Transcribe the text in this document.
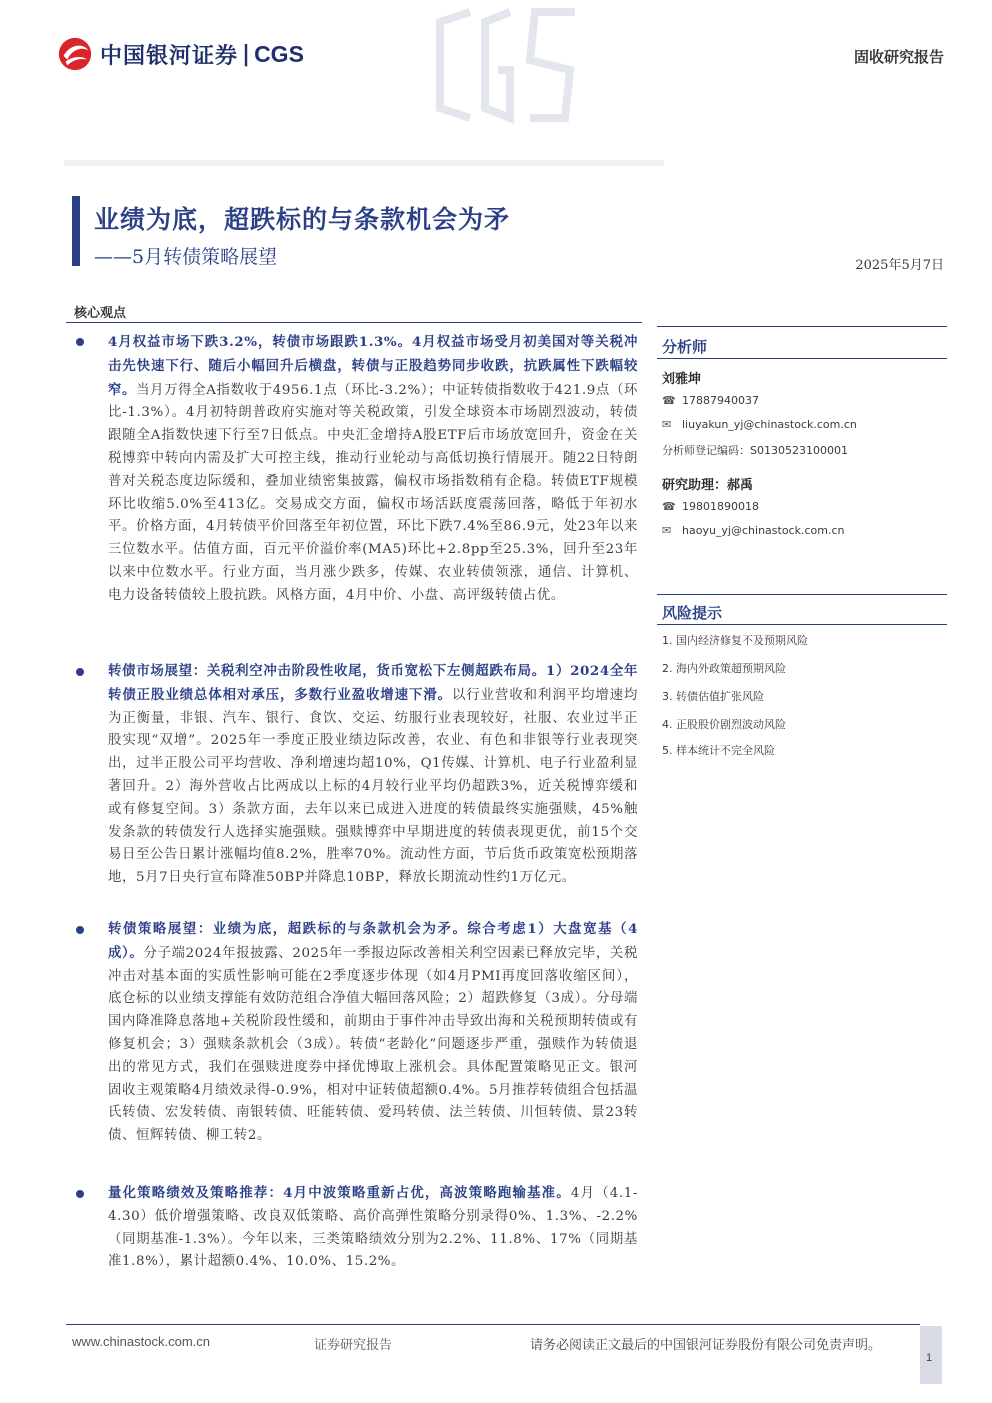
中国银河证券 | CGS	固收研究报告
业绩为底，超跌标的与条款机会为矛
——5月转债策略展望	2025年5月7日
核心观点
4月权益市场下跌3.2%，转债市场跟跌1.3%。4月权益市场受月初美国对等关税冲击先快速下行、随后小幅回升后横盘，转债与正股趋势同步收跌，抗跌属性下跌幅较窄。当月万得全A指数收于4956.1点（环比-3.2%）；中证转债指数收于421.9点（环比-1.3%）。4月初特朗普政府实施对等关税政策，引发全球资本市场剧烈波动，转债跟随全A指数快速下行至7日低点。中央汇金增持A股ETF后市场放宽回升，资金在关税博弈中转向内需及扩大可控主线，推动行业轮动与高低切换行情展开。随22日特朗普对关税态度边际缓和，叠加业绩密集披露，偏权市场指数稍有企稳。转债ETF规模环比收缩5.0%至413亿。交易成交方面，偏权市场活跃度震荡回落，略低于年初水平。价格方面，4月转债平价回落至年初位置，环比下跌7.4%至86.9元，处23年以来三位数水平。估值方面，百元平价溢价率(MA5)环比+2.8pp至25.3%，回升至23年以来中位数水平。行业方面，当月涨少跌多，传媒、农业转债领涨，通信、计算机、电力设备转债较上股抗跌。风格方面，4月中价、小盘、高评级转债占优。
转债市场展望：关税利空冲击阶段性收尾，货币宽松下左侧超跌布局。1）2024全年转债正股业绩总体相对承压，多数行业盈收增速下滑。以行业营收和利润平均增速均为正衡量，非银、汽车、银行、食饮、交运、纺服行业表现较好，社服、农业过半正股实现“双增”。2025年一季度正股业绩边际改善，农业、有色和非银等行业表现突出，过半正股公司平均营收、净利增速均超10%，Q1传媒、计算机、电子行业盈利显著回升。2）海外营收占比两成以上标的4月较行业平均仍超跌3%，近关税博弈缓和或有修复空间。3）条款方面，去年以来已成进入进度的转债最终实施强赎，45%触发条款的转债发行人选择实施强赎。强赎博弈中早期进度的转债表现更优，前15个交易日至公告日累计涨幅均值8.2%，胜率70%。流动性方面，节后货币政策宽松预期落地，5月7日央行宣布降准50BP并降息10BP，释放长期流动性约1万亿元。
转债策略展望：业绩为底，超跌标的与条款机会为矛。综合考虑1）大盘宽基（4成）。分子端2024年报披露、2025年一季报边际改善相关利空因素已释放完毕，关税冲击对基本面的实质性影响可能在2季度逐步体现（如4月PMI再度回落收缩区间），底仓标的以业绩支撑能有效防范组合净值大幅回落风险；2）超跌修复（3成）。分母端国内降准降息落地+关税阶段性缓和，前期由于事件冲击导致出海和关税预期转债或有修复机会；3）强赎条款机会（3成）。转债“老龄化”问题逐步严重，强赎作为转债退出的常见方式，我们在强赎进度券中择优博取上涨机会。具体配置策略见正文。银河固收主观策略4月绩效录得-0.9%，相对中证转债超额0.4%。5月推荐转债组合包括温氏转债、宏发转债、南银转债、旺能转债、爱玛转债、法兰转债、川恒转债、景23转债、恒辉转债、柳工转2。
量化策略绩效及策略推荐：4月中波策略重新占优，高波策略跑输基准。4月（4.1-4.30）低价增强策略、改良双低策略、高价高弹性策略分别录得0%、1.3%、-2.2%（同期基准-1.3%）。今年以来，三类策略绩效分别为2.2%、11.8%、17%（同期基准1.8%），累计超额0.4%、10.0%、15.2%。
分析师
刘雅坤
☎ 17887940037
✉ liuyakun_yj@chinastock.com.cn
分析师登记编码： S0130523100001
研究助理：郝禹
☎ 19801890018
✉ haoyu_yj@chinastock.com.cn
风险提示
1. 国内经济修复不及预期风险
2. 海内外政策超预期风险
3. 转债估值扩张风险
4. 正股股价剧烈波动风险
5. 样本统计不完全风险
www.chinastock.com.cn	证券研究报告	请务必阅读正文最后的中国银河证券股份有限公司免责声明。
1
